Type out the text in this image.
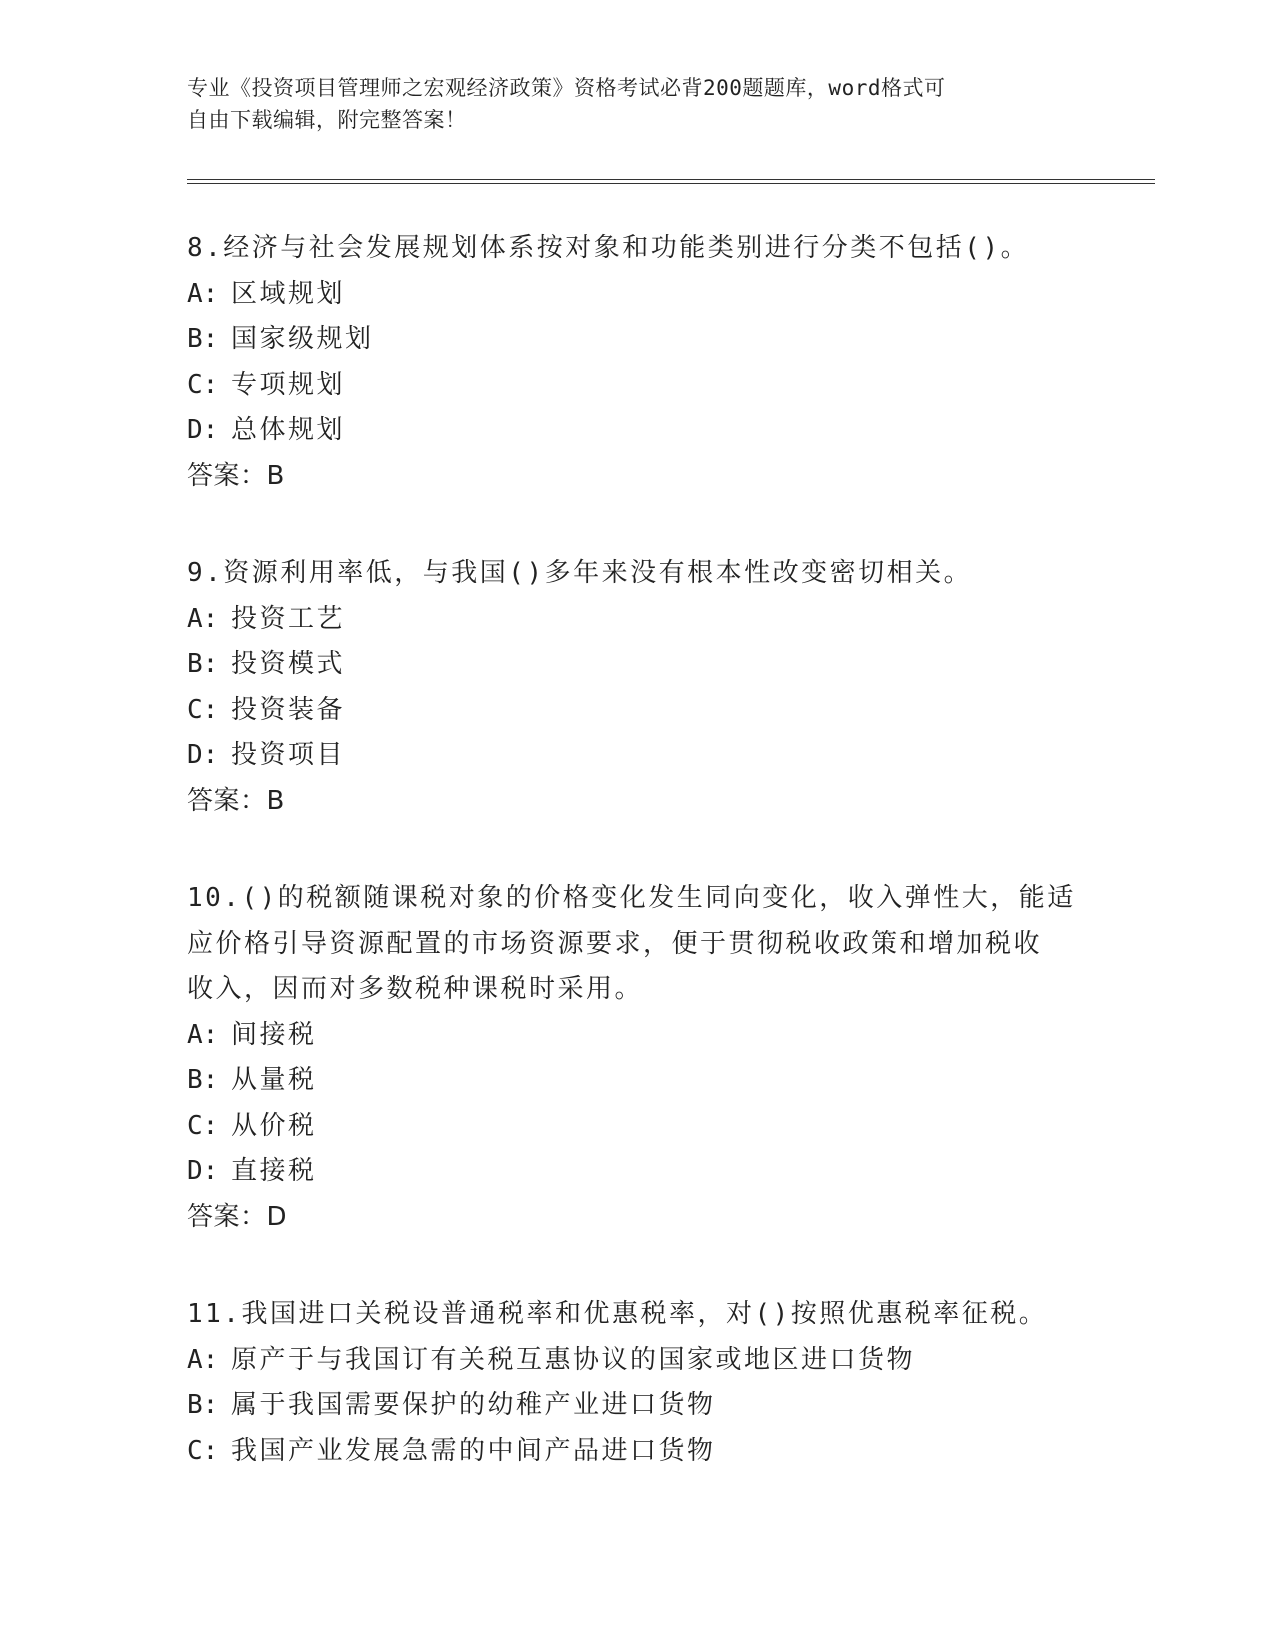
专业《投资项目管理师之宏观经济政策》资格考试必背200题题库，word格式可
自由下载编辑，附完整答案！

8.经济与社会发展规划体系按对象和功能类别进行分类不包括()。

A: 区域规划

B: 国家级规划

C: 专项规划

D: 总体规划

答案：B

9.资源利用率低，与我国()多年来没有根本性改变密切相关。

A: 投资工艺

B: 投资模式

C: 投资装备

D: 投资项目

答案：B

10.()的税额随课税对象的价格变化发生同向变化，收入弹性大，能适
应价格引导资源配置的市场资源要求，便于贯彻税收政策和增加税收
收入，因而对多数税种课税时采用。

A: 间接税

B: 从量税

C: 从价税

D: 直接税

答案：D

11.我国进口关税设普通税率和优惠税率，对()按照优惠税率征税。

A: 原产于与我国订有关税互惠协议的国家或地区进口货物

B: 属于我国需要保护的幼稚产业进口货物

C: 我国产业发展急需的中间产品进口货物
